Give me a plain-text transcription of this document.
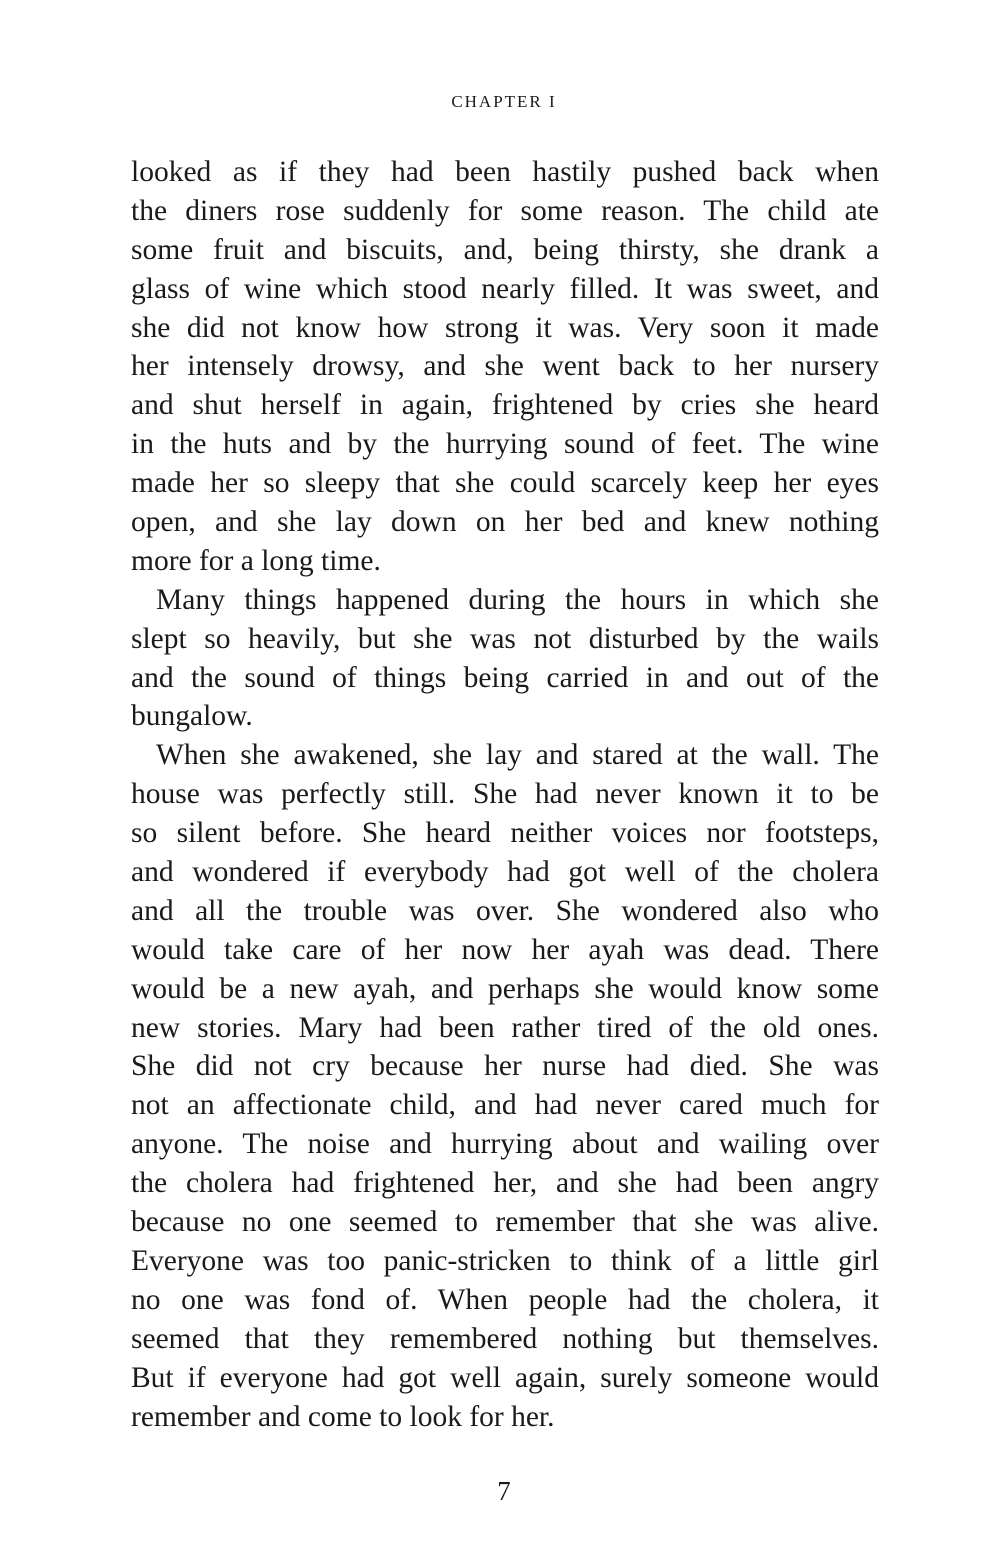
CHAPTER I
looked as if they had been hastily pushed back when
the diners rose suddenly for some reason. The child ate
some fruit and biscuits, and, being thirsty, she drank a
glass of wine which stood nearly filled. It was sweet, and
she did not know how strong it was. Very soon it made
her intensely drowsy, and she went back to her nursery
and shut herself in again, frightened by cries she heard
in the huts and by the hurrying sound of feet. The wine
made her so sleepy that she could scarcely keep her eyes
open, and she lay down on her bed and knew nothing
more for a long time.
Many things happened during the hours in which she
slept so heavily, but she was not disturbed by the wails
and the sound of things being carried in and out of the
bungalow.
When she awakened, she lay and stared at the wall. The
house was perfectly still. She had never known it to be
so silent before. She heard neither voices nor footsteps,
and wondered if everybody had got well of the cholera
and all the trouble was over. She wondered also who
would take care of her now her ayah was dead. There
would be a new ayah, and perhaps she would know some
new stories. Mary had been rather tired of the old ones.
She did not cry because her nurse had died. She was
not an affectionate child, and had never cared much for
anyone. The noise and hurrying about and wailing over
the cholera had frightened her, and she had been angry
because no one seemed to remember that she was alive.
Everyone was too panic-stricken to think of a little girl
no one was fond of. When people had the cholera, it
seemed that they remembered nothing but themselves.
But if everyone had got well again, surely someone would
remember and come to look for her.
7
